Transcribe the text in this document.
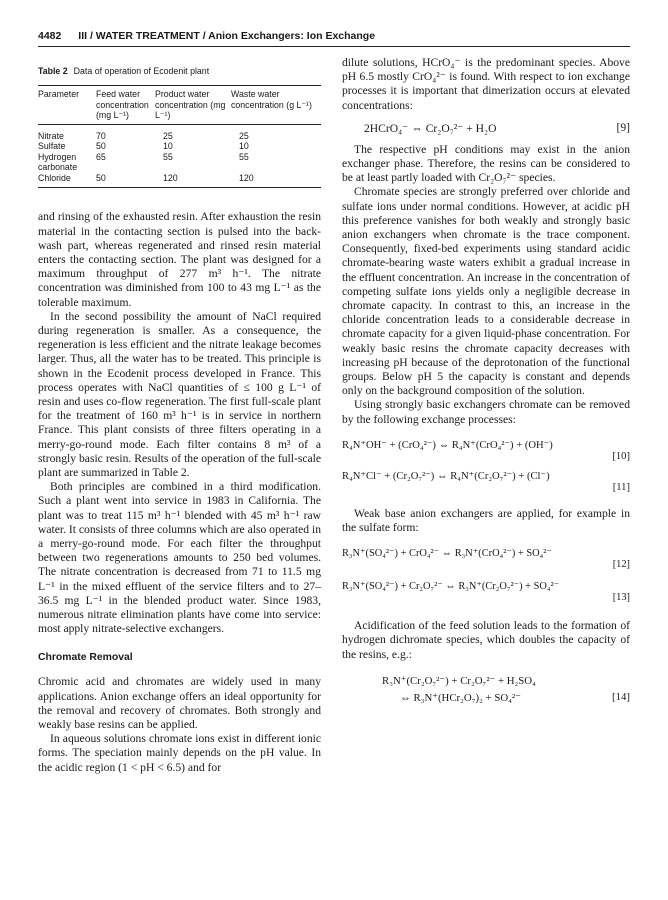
4482 III / WATER TREATMENT / Anion Exchangers: Ion Exchange
Table 2 Data of operation of Ecodenit plant
Parameter	Feed water concentration (mg L⁻¹)	Product water concentration (mg L⁻¹)	Waste water concentration (g L⁻¹)
Nitrate	70	25	25
Sulfate	50	10	10
Hydrogen carbonate	65	55	55
Chloride	50	120	120

and rinsing of the exhausted resin. After exhaustion the resin material in the contacting section is pulsed into the back-wash part, whereas regenerated and rinsed resin material enters the contacting section. The plant was designed for a maximum throughput of 277 m³ h⁻¹. The nitrate concentration was diminished from 100 to 43 mg L⁻¹ as the tolerable maximum.

In the second possibility the amount of NaCl required during regeneration is smaller. As a consequence, the regeneration is less efficient and the nitrate leakage becomes larger. Thus, all the water has to be treated. This principle is shown in the Ecodenit process developed in France. This process operates with NaCl quantities of ≤ 100 g L⁻¹ of resin and uses co-flow regeneration. The first full-scale plant for the treatment of 160 m³ h⁻¹ is in service in northern France. This plant consists of three filters operating in a merry-go-round mode. Each filter contains 8 m³ of a strongly basic resin. Results of the operation of the full-scale plant are summarized in Table 2.

Both principles are combined in a third modification. Such a plant went into service in 1983 in California. The plant was to treat 115 m³ h⁻¹ blended with 45 m³ h⁻¹ raw water. It consists of three columns which are also operated in a merry-go-round mode. For each filter the throughput between two regenerations amounts to 250 bed volumes. The nitrate concentration is decreased from 71 to 11.5 mg L⁻¹ in the mixed effluent of the service filters and to 27–36.5 mg L⁻¹ in the blended product water. Since 1983, numerous nitrate elimination plants have come into service: most apply nitrate-selective exchangers.

Chromate Removal

Chromic acid and chromates are widely used in many applications. Anion exchange offers an ideal opportunity for the removal and recovery of chromates. Both strongly and weakly base resins can be applied.

In aqueous solutions chromate ions exist in different ionic forms. The speciation mainly depends on the pH value. In the acidic region (1 < pH < 6.5) and for

dilute solutions, HCrO₄⁻ is the predominant species. Above pH 6.5 mostly CrO₄²⁻ is found. With respect to ion exchange processes it is important that dimerization occurs at elevated concentrations:

2HCrO₄⁻ ⇔ Cr₂O₇²⁻ + H₂O	[9]

The respective pH conditions may exist in the anion exchanger phase. Therefore, the resins can be considered to be at least partly loaded with Cr₂O₇²⁻ species.

Chromate species are strongly preferred over chloride and sulfate ions under normal conditions. However, at acidic pH this preference vanishes for both weakly and strongly basic anion exchangers when chromate is the trace component. Consequently, fixed-bed experiments using standard acidic chromate-bearing waste waters exhibit a gradual increase in the effluent concentration. An increase in the concentration of competing sulfate ions yields only a negligible decrease in chromate capacity. In contrast to this, an increase in the chloride concentration leads to a considerable decrease in chromate capacity for a given liquid-phase concentration. For weakly basic resins the chromate capacity decreases with increasing pH because of the deprotonation of the functional groups. Below pH 5 the capacity is constant and depends only on the background composition of the solution.

Using strongly basic exchangers chromate can be removed by the following exchange processes:

R₄N⁺OH⁻ + (CrO₄²⁻) ⇔ R₄N⁺(CrO₄²⁻) + (OH⁻)
[10]
R₄N⁺Cl⁻ + (Cr₂O₇²⁻) ⇔ R₄N⁺(Cr₂O₇²⁻) + (Cl⁻)
[11]

Weak base anion exchangers are applied, for example in the sulfate form:

R₃N⁺(SO₄²⁻) + CrO₄²⁻ ⇔ R₃N⁺(CrO₄²⁻) + SO₄²⁻
[12]
R₃N⁺(SO₄²⁻) + Cr₂O₇²⁻ ⇔ R₃N⁺(Cr₂O₇²⁻) + SO₄²⁻
[13]

Acidification of the feed solution leads to the formation of hydrogen dichromate species, which doubles the capacity of the resins, e.g.:

R₃N⁺(Cr₂O₇²⁻) + Cr₂O₇²⁻ + H₂SO₄
⇔ R₃N⁺(HCr₂O₇)₂ + SO₄²⁻	[14]
